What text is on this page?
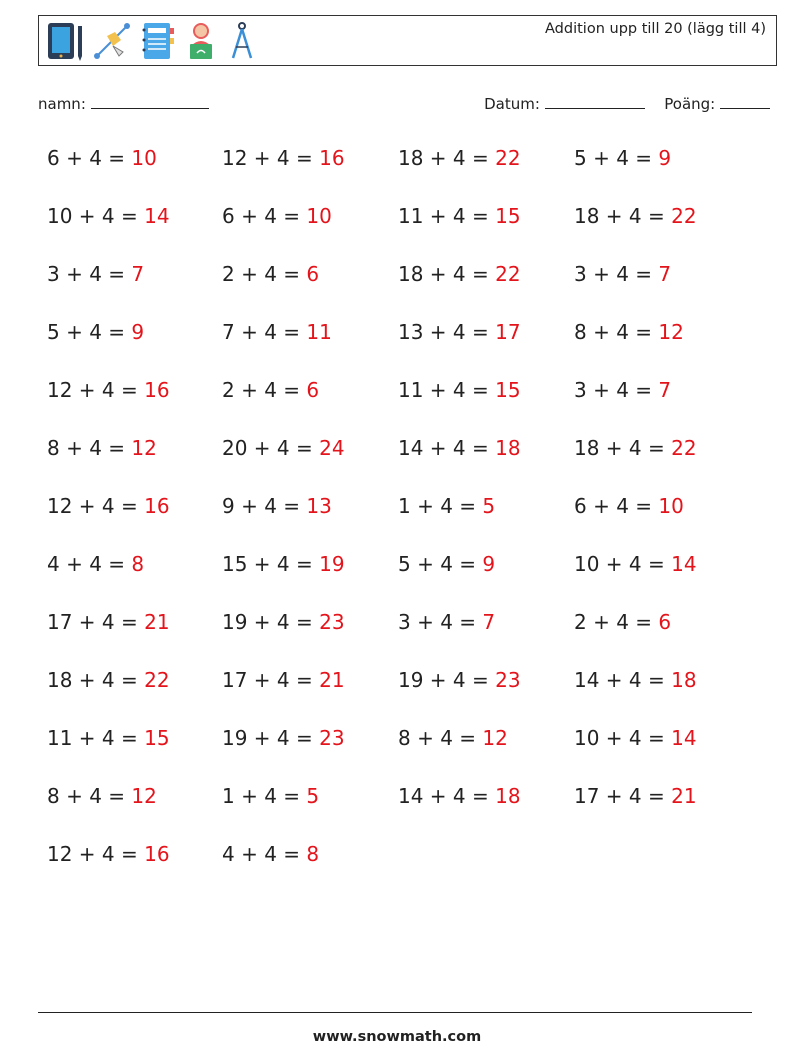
Addition upp till 20 (lägg till 4)
namn:	Datum:	Poäng:
6 + 4 = 10
10 + 4 = 14
3 + 4 = 7
5 + 4 = 9
12 + 4 = 16
8 + 4 = 12
12 + 4 = 16
4 + 4 = 8
17 + 4 = 21
18 + 4 = 22
11 + 4 = 15
8 + 4 = 12
12 + 4 = 16
12 + 4 = 16
6 + 4 = 10
2 + 4 = 6
7 + 4 = 11
2 + 4 = 6
20 + 4 = 24
9 + 4 = 13
15 + 4 = 19
19 + 4 = 23
17 + 4 = 21
19 + 4 = 23
1 + 4 = 5
4 + 4 = 8
18 + 4 = 22
11 + 4 = 15
18 + 4 = 22
13 + 4 = 17
11 + 4 = 15
14 + 4 = 18
1 + 4 = 5
5 + 4 = 9
3 + 4 = 7
19 + 4 = 23
8 + 4 = 12
14 + 4 = 18
5 + 4 = 9
18 + 4 = 22
3 + 4 = 7
8 + 4 = 12
3 + 4 = 7
18 + 4 = 22
6 + 4 = 10
10 + 4 = 14
2 + 4 = 6
14 + 4 = 18
10 + 4 = 14
17 + 4 = 21
www.snowmath.com
